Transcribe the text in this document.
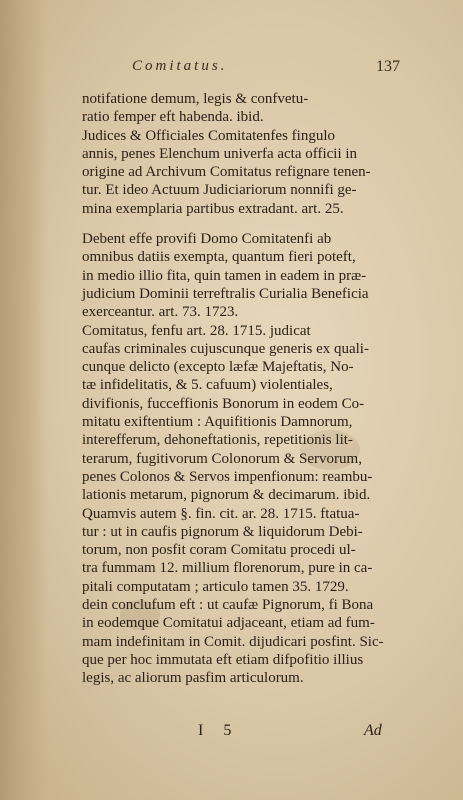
Comitatus.	137
notifatione demum, legis & confvetu-
ratio femper eft habenda. ibid.
Judices & Officiales Comitatenfes fingulo
annis, penes Elenchum univerfa acta officii in
origine ad Archivum Comitatus refignare tenen-
tur. Et ideo Actuum Judiciariorum nonnifi ge-
mina exemplaria partibus extradant. art. 25.
Debent effe provifi Domo Comitatenfi ab
omnibus datiis exempta, quantum fieri poteft,
in medio illio fita, quin tamen in eadem in præ-
judicium Dominii terreftralis Curialia Beneficia
exerceantur. art. 73. 1723.
Comitatus, fenfu art. 28. 1715. judicat
caufas criminales cujuscunque generis ex quali-
cunque delicto (excepto læfæ Majeftatis, No-
tæ infidelitatis, & 5. cafuum) violentiales,
divifionis, fucceffionis Bonorum in eodem Co-
mitatu exiftentium : Aquifitionis Damnorum,
interefferum, dehoneftationis, repetitionis lit-
terarum, fugitivorum Colonorum & Servorum,
penes Colonos & Servos impenfionum: reambu-
lationis metarum, pignorum & decimarum. ibid.
Quamvis autem §. fin. cit. ar. 28. 1715. ftatua-
tur : ut in caufis pignorum & liquidorum Debi-
torum, non posfit coram Comitatu procedi ul-
tra fummam 12. millium florenorum, pure in ca-
pitali computatam ; articulo tamen 35. 1729.
dein conclufum eft : ut caufæ Pignorum, fi Bona
in eodemque Comitatui adjaceant, etiam ad fum-
mam indefinitam in Comit. dijudicari posfint. Sic-
que per hoc immutata eft etiam difpofitio illius
legis, ac aliorum pasfim articulorum.
I 5	Ad
